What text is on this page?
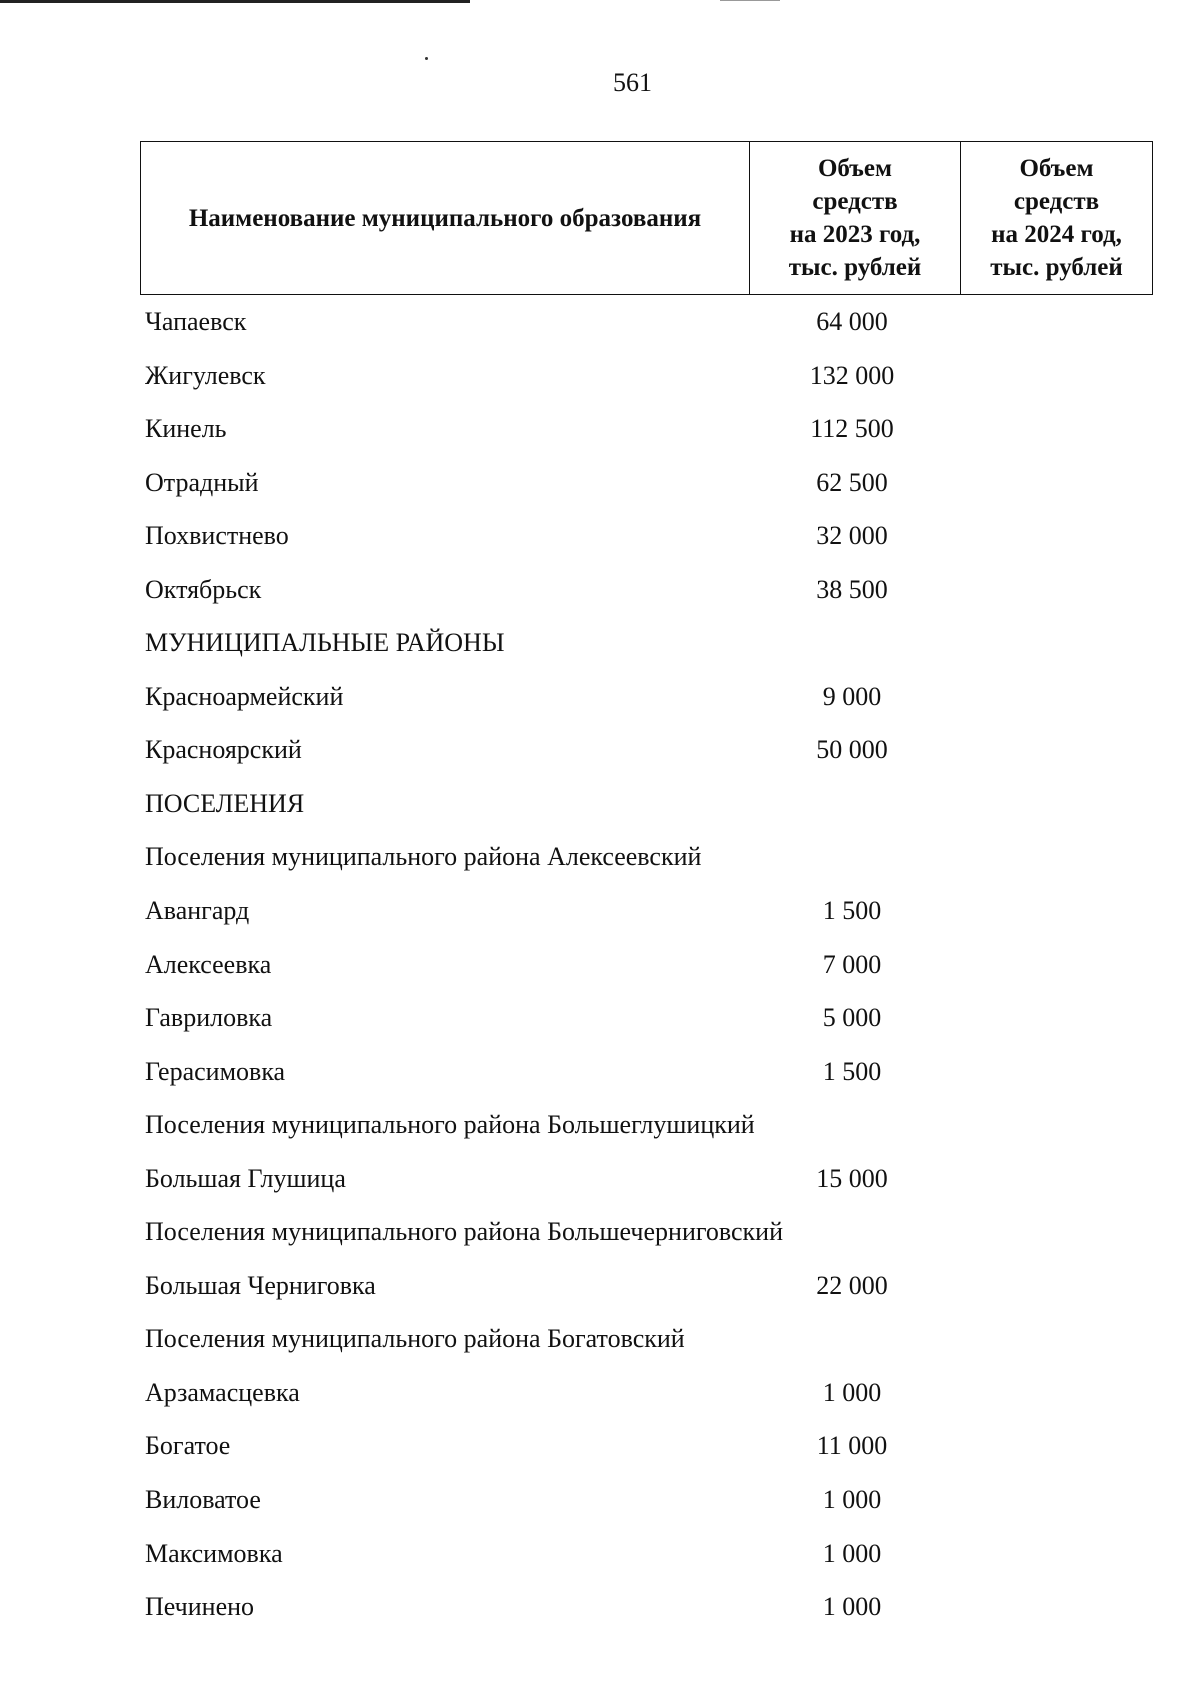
561
Наименование муниципального образования	Объем
средств
на 2023 год,
тыс. рублей	Объем
средств
на 2024 год,
тыс. рублей
Чапаевск	64 000
Жигулевск	132 000
Кинель	112 500
Отрадный	62 500
Похвистнево	32 000
Октябрьск	38 500
МУНИЦИПАЛЬНЫЕ РАЙОНЫ
Красноармейский	9 000
Красноярский	50 000
ПОСЕЛЕНИЯ
Поселения муниципального района Алексеевский
Авангард	1 500
Алексеевка	7 000
Гавриловка	5 000
Герасимовка	1 500
Поселения муниципального района Большеглушицкий
Большая Глушица	15 000
Поселения муниципального района Большечерниговский
Большая Черниговка	22 000
Поселения муниципального района Богатовский
Арзамасцевка	1 000
Богатое	11 000
Виловатое	1 000
Максимовка	1 000
Печинено	1 000
